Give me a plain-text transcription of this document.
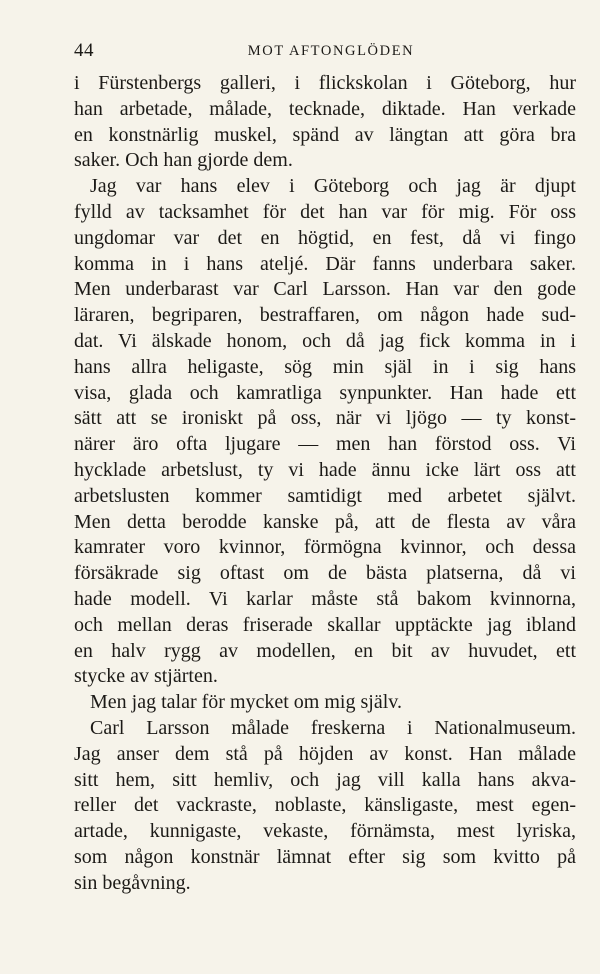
44	MOT AFTONGLÖDEN
i Fürstenbergs galleri, i flickskolan i Göteborg, hur
han arbetade, målade, tecknade, diktade. Han verkade
en konstnärlig muskel, spänd av längtan att göra bra
saker. Och han gjorde dem.
Jag var hans elev i Göteborg och jag är djupt
fylld av tacksamhet för det han var för mig. För oss
ungdomar var det en högtid, en fest, då vi fingo
komma in i hans ateljé. Där fanns underbara saker.
Men underbarast var Carl Larsson. Han var den gode
läraren, begriparen, bestraffaren, om någon hade sud-
dat. Vi älskade honom, och då jag fick komma in i
hans allra heligaste, sög min själ in i sig hans
visa, glada och kamratliga synpunkter. Han hade ett
sätt att se ironiskt på oss, när vi ljögo — ty konst-
närer äro ofta ljugare — men han förstod oss. Vi
hycklade arbetslust, ty vi hade ännu icke lärt oss att
arbetslusten kommer samtidigt med arbetet självt.
Men detta berodde kanske på, att de flesta av våra
kamrater voro kvinnor, förmögna kvinnor, och dessa
försäkrade sig oftast om de bästa platserna, då vi
hade modell. Vi karlar måste stå bakom kvinnorna,
och mellan deras friserade skallar upptäckte jag ibland
en halv rygg av modellen, en bit av huvudet, ett
stycke av stjärten.
Men jag talar för mycket om mig själv.
Carl Larsson målade freskerna i Nationalmuseum.
Jag anser dem stå på höjden av konst. Han målade
sitt hem, sitt hemliv, och jag vill kalla hans akva-
reller det vackraste, noblaste, känsligaste, mest egen-
artade, kunnigaste, vekaste, förnämsta, mest lyriska,
som någon konstnär lämnat efter sig som kvitto på
sin begåvning.
